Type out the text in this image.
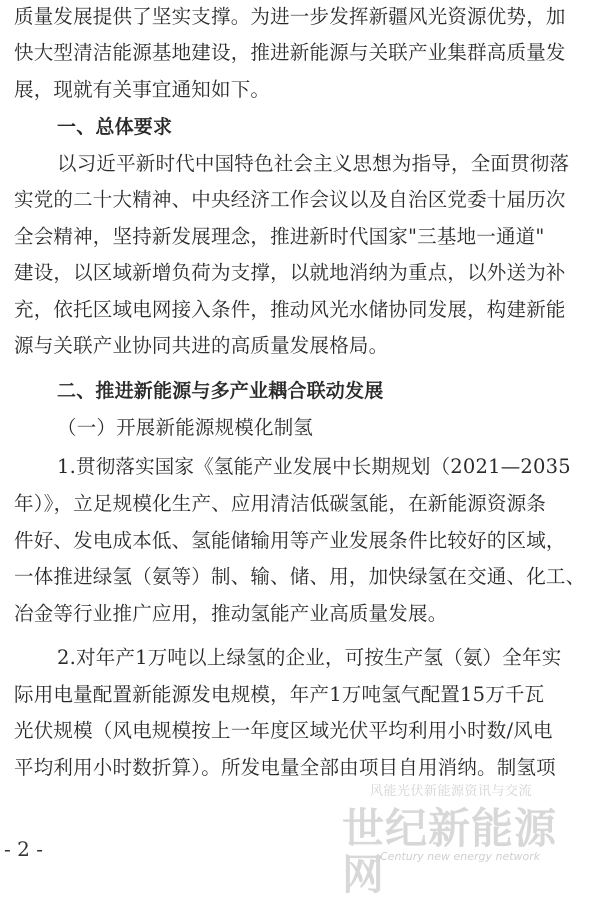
质量发展提供了坚实支撑。为进一步发挥新疆风光资源优势，加
快大型清洁能源基地建设，推进新能源与关联产业集群高质量发
展，现就有关事宜通知如下。
一、总体要求
以习近平新时代中国特色社会主义思想为指导，全面贯彻落
实党的二十大精神、中央经济工作会议以及自治区党委十届历次
全会精神，坚持新发展理念，推进新时代国家"三基地一通道"
建设，以区域新增负荷为支撑，以就地消纳为重点，以外送为补
充，依托区域电网接入条件，推动风光水储协同发展，构建新能
源与关联产业协同共进的高质量发展格局。
二、推进新能源与多产业耦合联动发展
（一）开展新能源规模化制氢
1.贯彻落实国家《氢能产业发展中长期规划（2021—2035
年）》，立足规模化生产、应用清洁低碳氢能，在新能源资源条
件好、发电成本低、氢能储输用等产业发展条件比较好的区域，
一体推进绿氢（氨等）制、输、储、用，加快绿氢在交通、化工、
冶金等行业推广应用，推动氢能产业高质量发展。
2.对年产1万吨以上绿氢的企业，可按生产氢（氨）全年实
际用电量配置新能源发电规模，年产1万吨氢气配置15万千瓦
光伏规模（风电规模按上一年度区域光伏平均利用小时数/风电
平均利用小时数折算）。所发电量全部由项目自用消纳。制氢项
风能光伏新能源资讯与交流
世纪新能源网
Century new energy network
- 2 -
